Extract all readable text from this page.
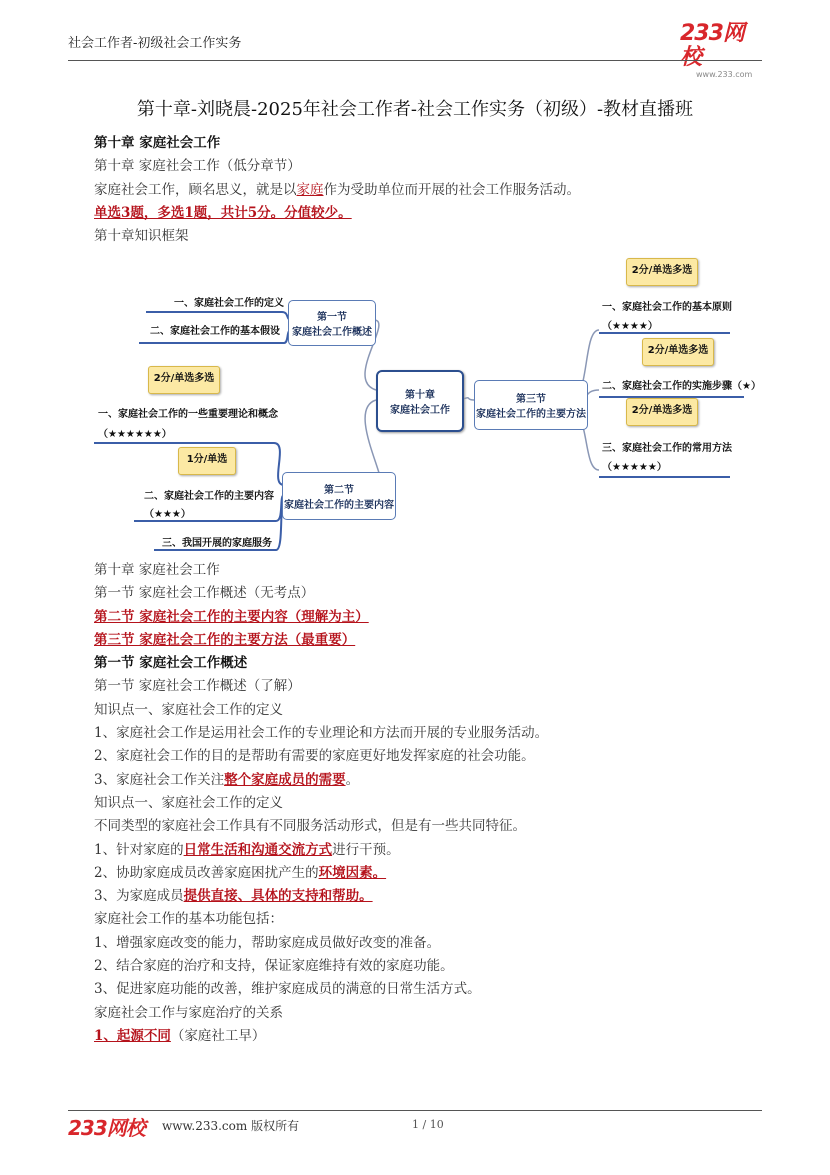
社会工作者-初级社会工作实务	233网校
www.233.com
第十章-刘晓晨-2025年社会工作者-社会工作实务（初级）-教材直播班
第十章 家庭社会工作
第十章 家庭社会工作（低分章节）
家庭社会工作，顾名思义，就是以家庭作为受助单位而开展的社会工作服务活动。
单选3题，多选1题，共计5分。分值较少。
第十章知识框架
一、家庭社会工作的定义
二、家庭社会工作的基本假设
第一节
家庭社会工作概述
第十章
家庭社会工作
第三节
家庭社会工作的主要方法
第二节
家庭社会工作的主要内容
2分/单选多选
一、家庭社会工作的一些重要理论和概念
（★★★★★★）
1分/单选
二、家庭社会工作的主要内容
（★★★）
三、我国开展的家庭服务
2分/单选多选
一、家庭社会工作的基本原则
（★★★★）
2分/单选多选
二、家庭社会工作的实施步骤（★）
2分/单选多选
三、家庭社会工作的常用方法
（★★★★★）
第十章 家庭社会工作
第一节 家庭社会工作概述（无考点）
第二节 家庭社会工作的主要内容（理解为主）
第三节 家庭社会工作的主要方法（最重要）
第一节 家庭社会工作概述
第一节 家庭社会工作概述（了解）
知识点一、家庭社会工作的定义
1、家庭社会工作是运用社会工作的专业理论和方法而开展的专业服务活动。
2、家庭社会工作的目的是帮助有需要的家庭更好地发挥家庭的社会功能。
3、家庭社会工作关注整个家庭成员的需要。
知识点一、家庭社会工作的定义
不同类型的家庭社会工作具有不同服务活动形式，但是有一些共同特征。
1、针对家庭的日常生活和沟通交流方式进行干预。
2、协助家庭成员改善家庭困扰产生的环境因素。
3、为家庭成员提供直接、具体的支持和帮助。
家庭社会工作的基本功能包括：
1、增强家庭改变的能力，帮助家庭成员做好改变的准备。
2、结合家庭的治疗和支持，保证家庭维持有效的家庭功能。
3、促进家庭功能的改善，维护家庭成员的满意的日常生活方式。
家庭社会工作与家庭治疗的关系
1、起源不同（家庭社工早）
233网校 www.233.com 版权所有	1 / 10
